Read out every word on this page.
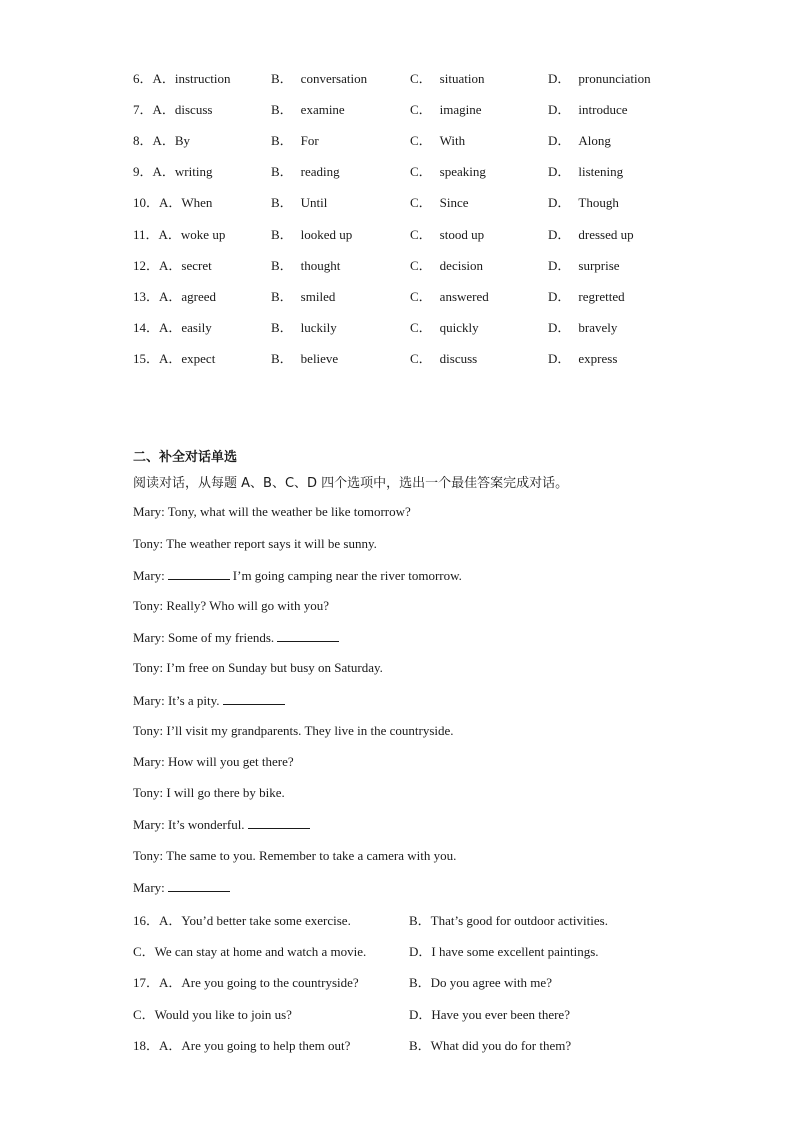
6．A．instruction	B． conversation	C． situation	D． pronunciation
7．A．discuss	B． examine	C． imagine	D． introduce
8．A．By	B． For	C． With	D． Along
9．A．writing	B． reading	C． speaking	D． listening
10．A．When	B． Until	C． Since	D． Though
11．A．woke up	B． looked up	C． stood up	D． dressed up
12．A．secret	B． thought	C． decision	D． surprise
13．A．agreed	B． smiled	C． answered	D． regretted
14．A．easily	B． luckily	C． quickly	D． bravely
15．A．expect	B． believe	C． discuss	D． express
二、补全对话单选
阅读对话，从每题 A、B、C、D 四个选项中，选出一个最佳答案完成对话。
Mary: Tony, what will the weather be like tomorrow?
Tony: The weather report says it will be sunny.
Mary:	I’m going camping near the river tomorrow.
Tony: Really? Who will go with you?
Mary: Some of my friends.
Tony: I’m free on Sunday but busy on Saturday.
Mary: It’s a pity.
Tony: I’ll visit my grandparents. They live in the countryside.
Mary: How will you get there?
Tony: I will go there by bike.
Mary: It’s wonderful.
Tony: The same to you. Remember to take a camera with you.
Mary:
16．A．You’d better take some exercise.	B．That’s good for outdoor activities.
C．We can stay at home and watch a movie.	D．I have some excellent paintings.
17．A．Are you going to the countryside?	B．Do you agree with me?
C．Would you like to join us?	D．Have you ever been there?
18．A．Are you going to help them out?	B．What did you do for them?
